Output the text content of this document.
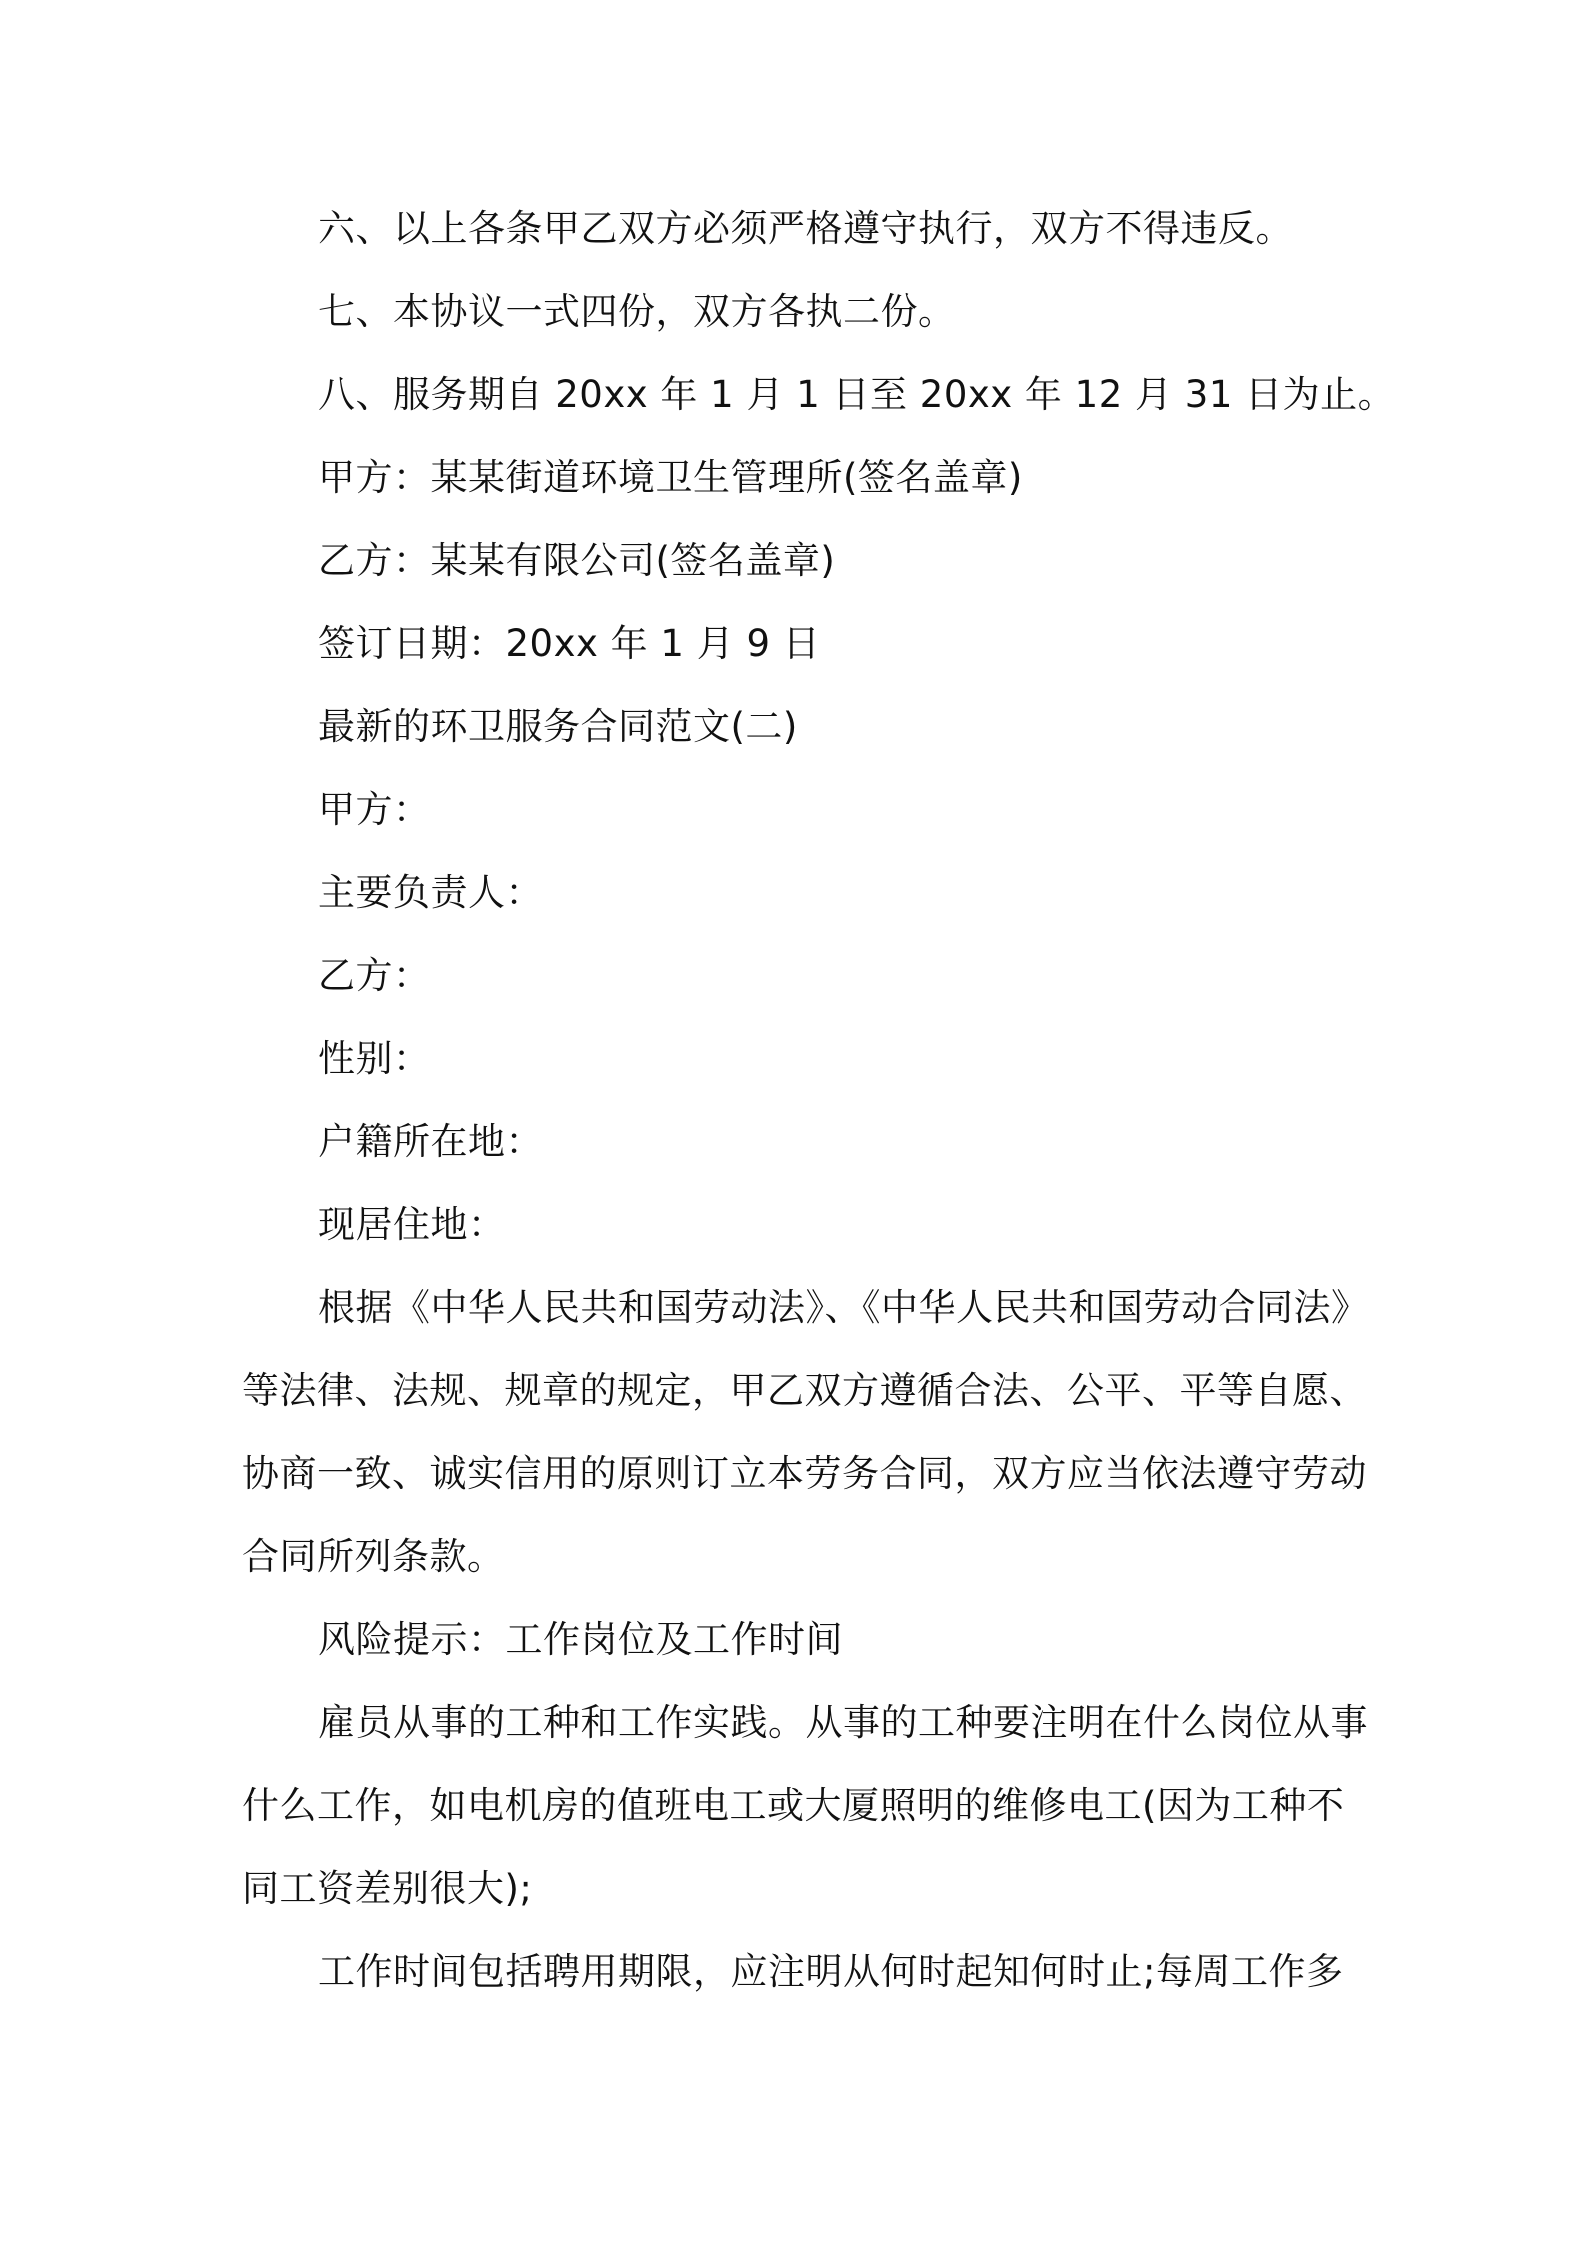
六、以上各条甲乙双方必须严格遵守执行，双方不得违反。
七、本协议一式四份，双方各执二份。
八、服务期自 20xx 年 1 月 1 日至 20xx 年 12 月 31 日为止。
甲方：某某街道环境卫生管理所(签名盖章)
乙方：某某有限公司(签名盖章)
签订日期：20xx 年 1 月 9 日
最新的环卫服务合同范文(二)
甲方：
主要负责人：
乙方：
性别：
户籍所在地：
现居住地：
根据《中华人民共和国劳动法》、《中华人民共和国劳动合同法》
等法律、法规、规章的规定，甲乙双方遵循合法、公平、平等自愿、
协商一致、诚实信用的原则订立本劳务合同，双方应当依法遵守劳动
合同所列条款。
风险提示：工作岗位及工作时间
雇员从事的工种和工作实践。从事的工种要注明在什么岗位从事
什么工作，如电机房的值班电工或大厦照明的维修电工(因为工种不
同工资差别很大);
工作时间包括聘用期限，应注明从何时起知何时止;每周工作多
